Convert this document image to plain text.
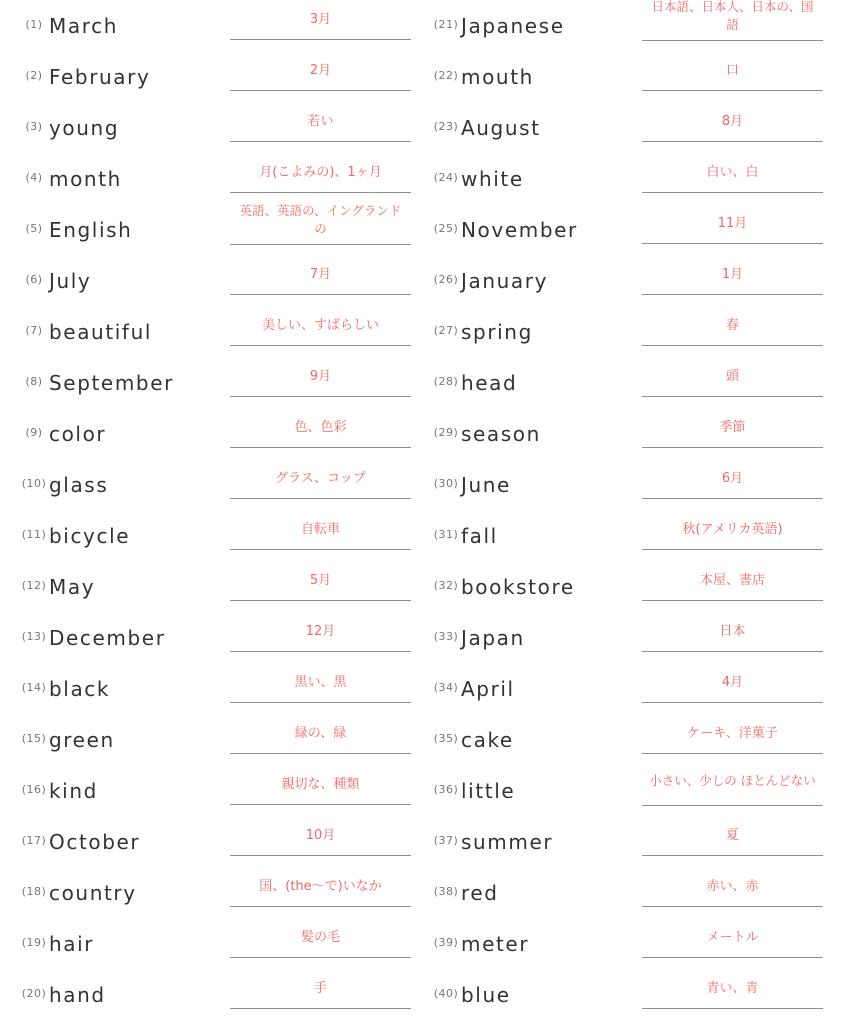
(1) March	3月
(2) February	2月
(3) young	若い
(4) month	月(こよみの)、1ヶ月
(5) English
英語、英語の、イングランドの
(6) July	7月
(7) beautiful	美しい、すばらしい
(8) September	9月
(9) color	色、色彩
(10) glass	グラス、コップ
(11) bicycle	自転車
(12) May	5月
(13) December	12月
(14) black	黒い、黒
(15) green	緑の、緑
(16) kind	親切な、種類
(17) October	10月
(18) country	国、(the〜で)いなか
(19) hair	髪の毛
(20) hand	手
(21) Japanese
日本語、日本人、日本の、国語
(22) mouth	口
(23) August	8月
(24) white	白い、白
(25) November	11月
(26) January	1月
(27) spring	春
(28) head	頭
(29) season	季節
(30) June	6月
(31) fall	秋(アメリカ英語)
(32) bookstore	本屋、書店
(33) Japan	日本
(34) April	4月
(35) cake	ケーキ、洋菓子
(36) little	小さい、少しの ほとんどない
(37) summer	夏
(38) red	赤い、赤
(39) meter	メートル
(40) blue	青い、青
